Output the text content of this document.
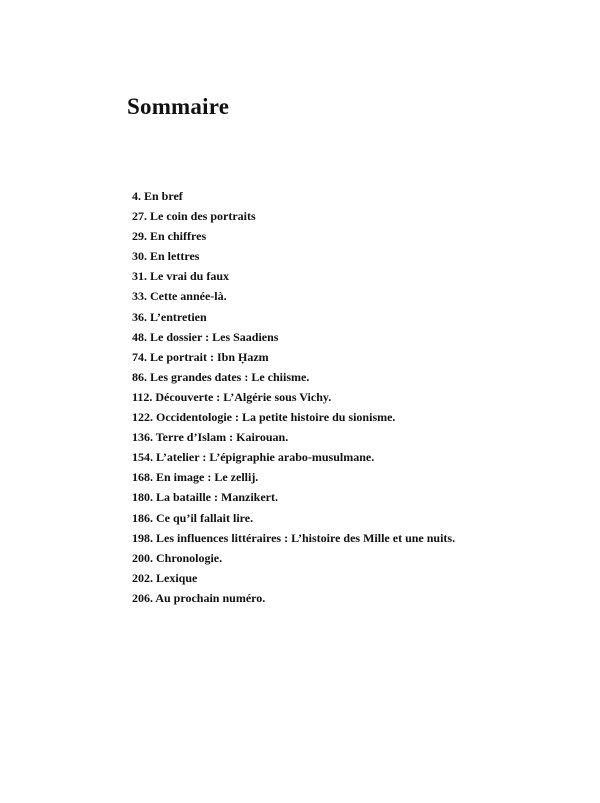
Sommaire
4. En bref
27. Le coin des portraits
29. En chiffres
30. En lettres
31. Le vrai du faux
33. Cette année-là.
36. L’entretien
48. Le dossier : Les Saadiens
74. Le portrait : Ibn Ḥazm
86. Les grandes dates : Le chiisme.
112. Découverte : L’Algérie sous Vichy.
122. Occidentologie : La petite histoire du sionisme.
136. Terre d’Islam : Kairouan.
154. L’atelier : L’épigraphie arabo-musulmane.
168. En image : Le zellij.
180. La bataille : Manzikert.
186. Ce qu’il fallait lire.
198. Les influences littéraires : L’histoire des Mille et une nuits.
200. Chronologie.
202. Lexique
206. Au prochain numéro.
